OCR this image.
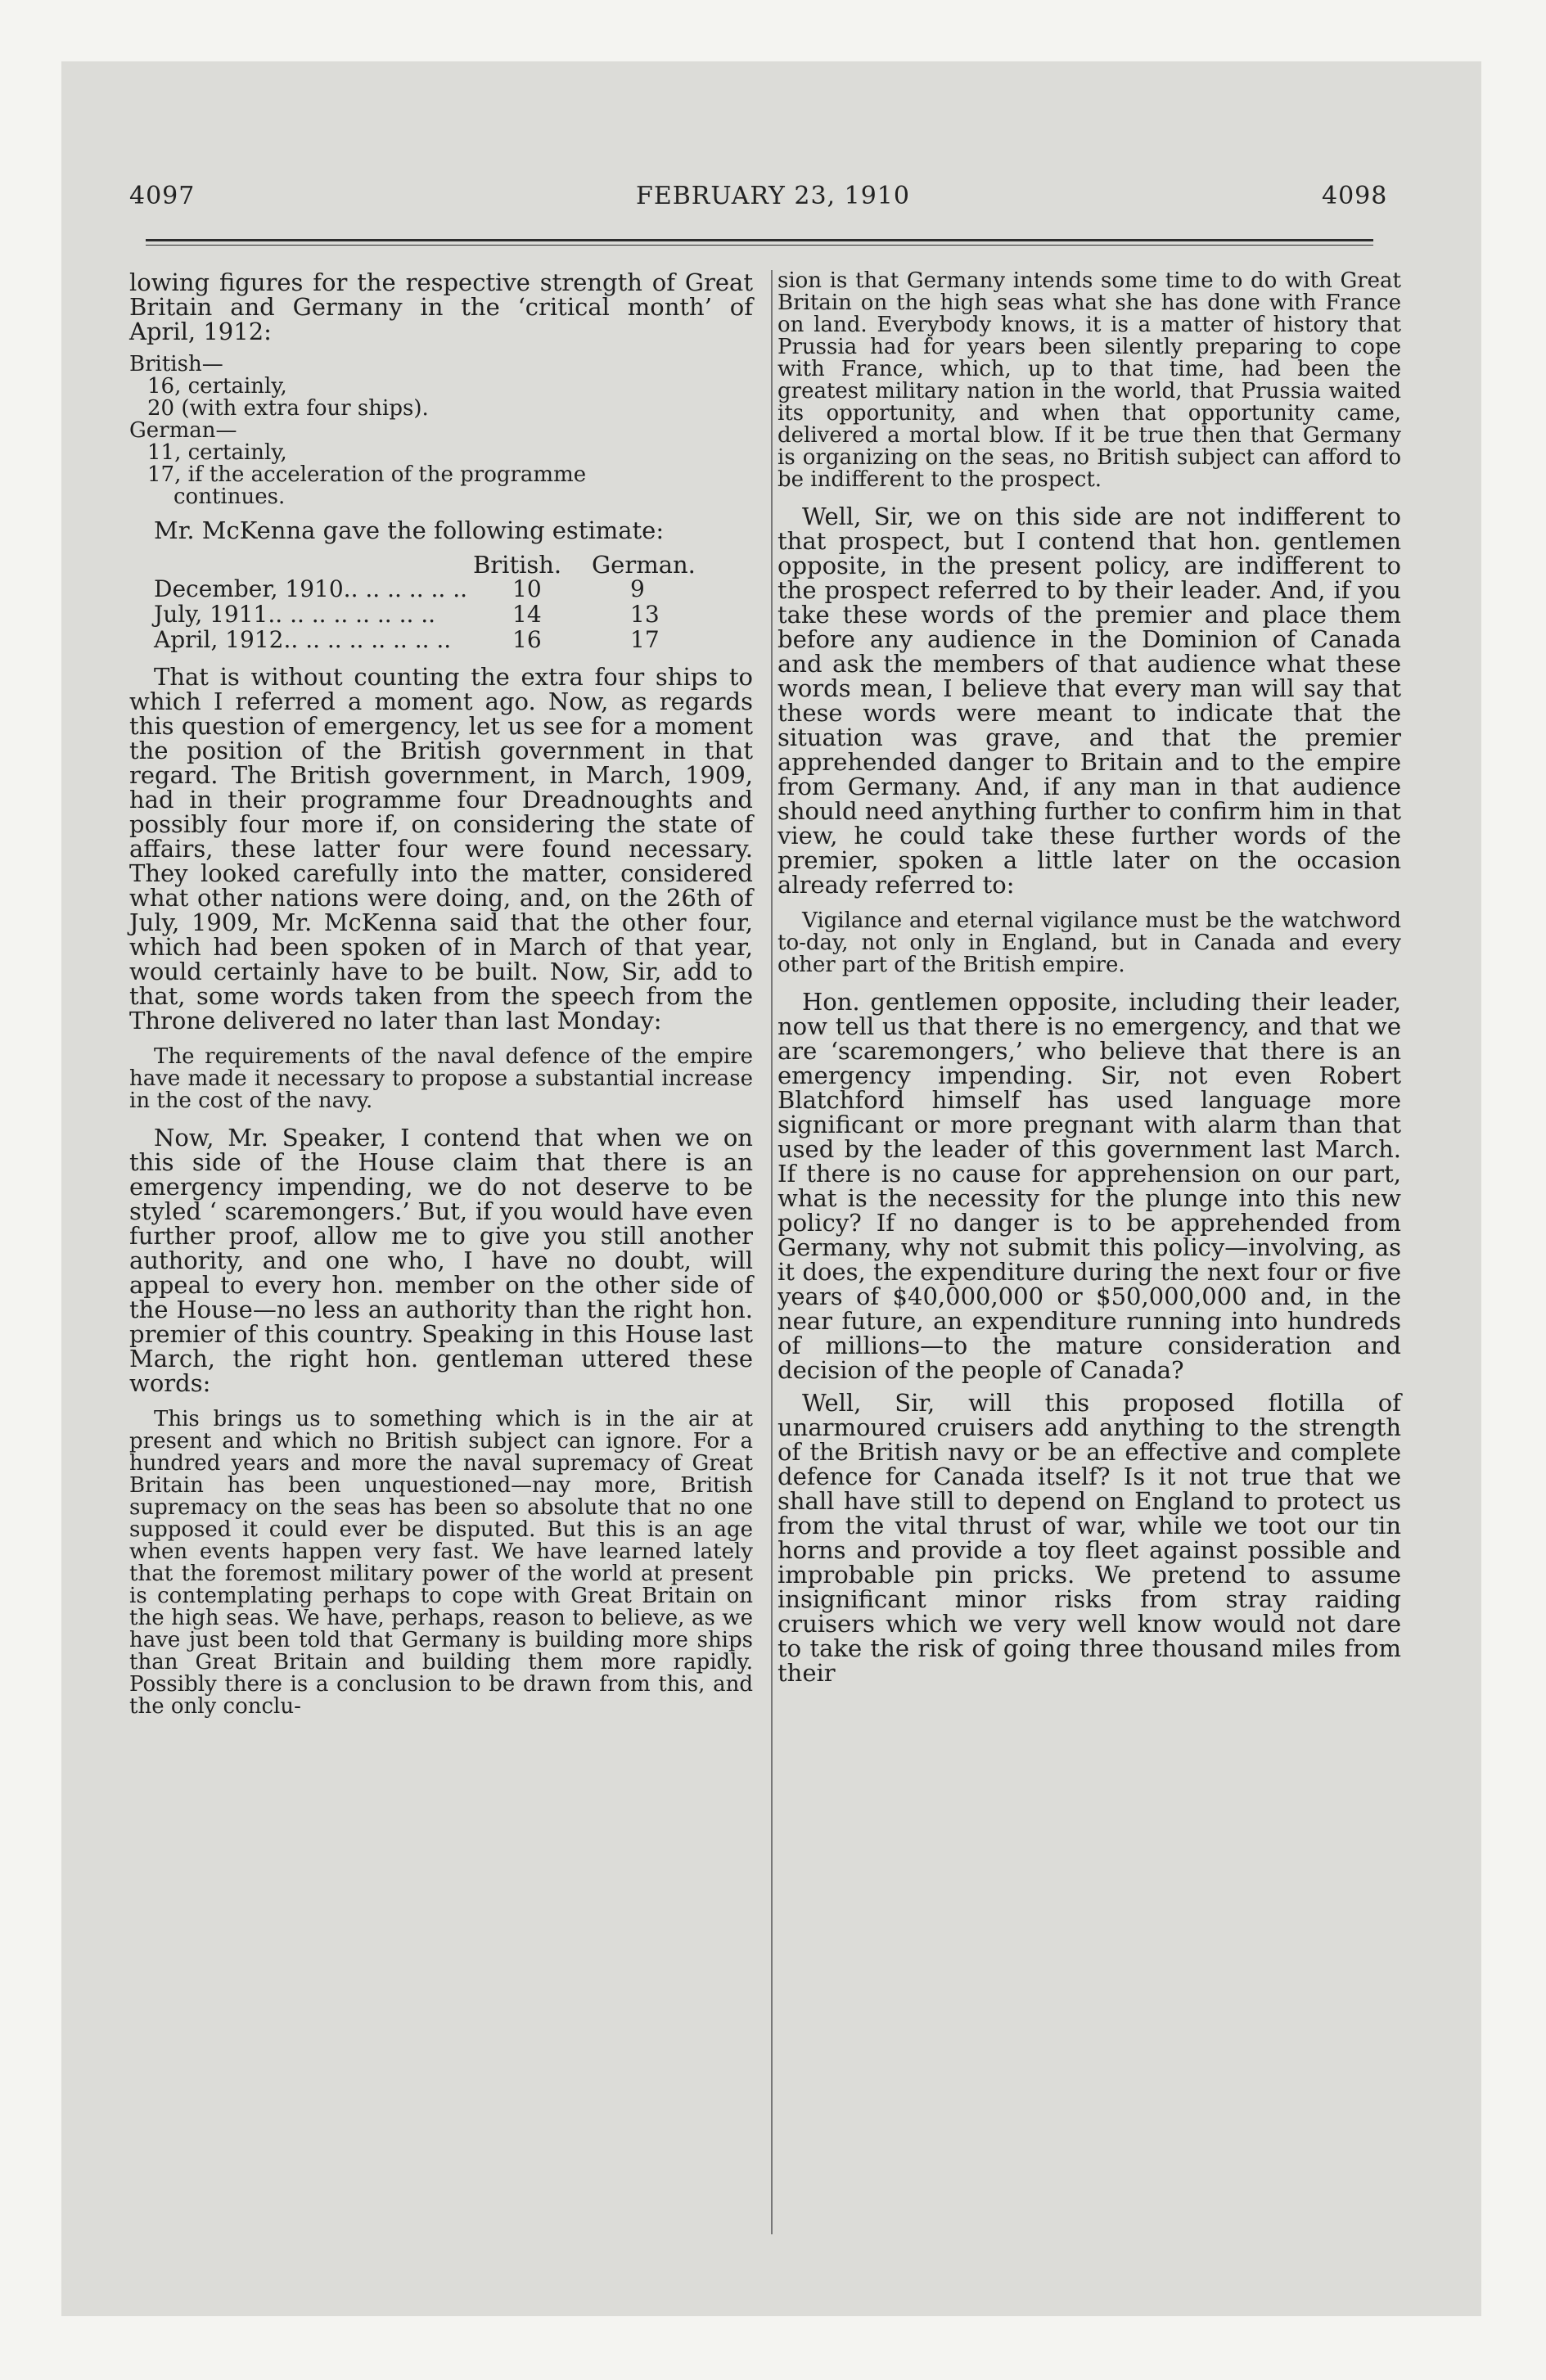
4097	FEBRUARY 23, 1910	4098

lowing figures for the respective strength of Great Britain and Germany in the ‘critical month’ of April, 1912:

British—

16, certainly,

20 (with extra four ships).

German—

11, certainly,

17, if the acceleration of the programme

continues.

Mr. McKenna gave the following estimate:

British. German.
December, 1910.. .. .. .. .. .. 10	9
July, 1911.. .. .. .. .. .. .. ..	14	13
April, 1912.. .. .. .. .. .. .. ..	16	17

That is without counting the extra four ships to which I referred a moment ago. Now, as regards this question of emergency, let us see for a moment the position of the British government in that regard. The British government, in March, 1909, had in their programme four Dreadnoughts and possibly four more if, on considering the state of affairs, these latter four were found necessary. They looked carefully into the matter, considered what other nations were doing, and, on the 26th of July, 1909, Mr. McKenna said that the other four, which had been spoken of in March of that year, would certainly have to be built. Now, Sir, add to that, some words taken from the speech from the Throne delivered no later than last Monday:

The requirements of the naval defence of the empire have made it necessary to propose a substantial increase in the cost of the navy.

Now, Mr. Speaker, I contend that when we on this side of the House claim that there is an emergency impending, we do not deserve to be styled ‘ scaremongers.’ But, if you would have even further proof, allow me to give you still another authority, and one who, I have no doubt, will appeal to every hon. member on the other side of the House—no less an authority than the right hon. premier of this country. Speaking in this House last March, the right hon. gentleman uttered these words:

This brings us to something which is in the air at present and which no British subject can ignore. For a hundred years and more the naval supremacy of Great Britain has been unquestioned—nay more, British supremacy on the seas has been so absolute that no one supposed it could ever be disputed. But this is an age when events happen very fast. We have learned lately that the foremost military power of the world at present is contemplating perhaps to cope with Great Britain on the high seas. We have, perhaps, reason to believe, as we have just been told that Germany is building more ships than Great Britain and building them more rapidly. Possibly there is a conclusion to be drawn from this, and the only conclu-

sion is that Germany intends some time to do with Great Britain on the high seas what she has done with France on land. Everybody knows, it is a matter of history that Prussia had for years been silently preparing to cope with France, which, up to that time, had been the greatest military nation in the world, that Prussia waited its opportunity, and when that opportunity came, delivered a mortal blow. If it be true then that Germany is organizing on the seas, no British subject can afford to be indifferent to the prospect.

Well, Sir, we on this side are not indifferent to that prospect, but I contend that hon. gentlemen opposite, in the present policy, are indifferent to the prospect referred to by their leader. And, if you take these words of the premier and place them before any audience in the Dominion of Canada and ask the members of that audience what these words mean, I believe that every man will say that these words were meant to indicate that the situation was grave, and that the premier apprehended danger to Britain and to the empire from Germany. And, if any man in that audience should need anything further to confirm him in that view, he could take these further words of the premier, spoken a little later on the occasion already referred to:

Vigilance and eternal vigilance must be the watchword to-day, not only in England, but in Canada and every other part of the British empire.

Hon. gentlemen opposite, including their leader, now tell us that there is no emergency, and that we are ‘scaremongers,’ who believe that there is an emergency impending. Sir, not even Robert Blatchford himself has used language more significant or more pregnant with alarm than that used by the leader of this government last March. If there is no cause for apprehension on our part, what is the necessity for the plunge into this new policy? If no danger is to be apprehended from Germany, why not submit this policy—involving, as it does, the expenditure during the next four or five years of $40,000,000 or $50,000,000 and, in the near future, an expenditure running into hundreds of millions—to the mature consideration and decision of the people of Canada?

Well, Sir, will this proposed flotilla of unarmoured cruisers add anything to the strength of the British navy or be an effective and complete defence for Canada itself? Is it not true that we shall have still to depend on England to protect us from the vital thrust of war, while we toot our tin horns and provide a toy fleet against possible and improbable pin pricks. We pretend to assume insignificant minor risks from stray raiding cruisers which we very well know would not dare to take the risk of going three thousand miles from their
